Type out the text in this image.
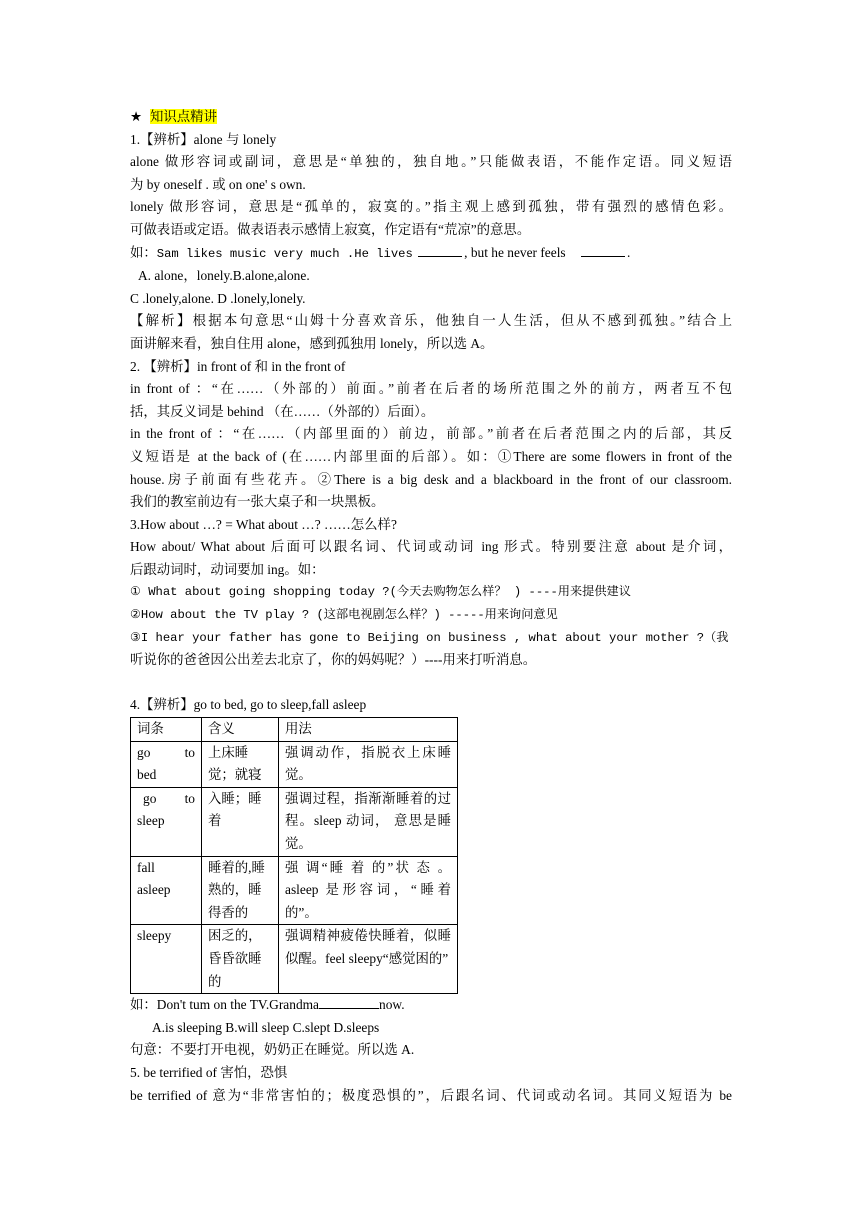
★ 知识点精讲
1.【辨析】alone 与 lonely
alone 做形容词或副词，意思是“单独的，独自地。”只能做表语，不能作定语。同义短语
为 by oneself . 或 on one' s own.
lonely 做形容词，意思是“孤单的，寂寞的。”指主观上感到孤独，带有强烈的感情色彩。
可做表语或定语。做表语表示感情上寂寞，作定语有“荒凉”的意思。
如：Sam likes music very much .He lives	, but he never feels	.
A. alone，lonely.B.alone,alone.
C .lonely,alone. D .lonely,lonely.
【解析】根据本句意思“山姆十分喜欢音乐，他独自一人生活，但从不感到孤独。”结合上
面讲解来看，独自住用 alone，感到孤独用 lonely，所以选 A。
2. 【辨析】in front of 和 in the front of
in front of ：“在……（外部的）前面。”前者在后者的场所范围之外的前方，两者互不包
括，其反义词是 behind （在……（外部的）后面）。
in the front of ：“在……（内部里面的）前边，前部。”前者在后者范围之内的后部，其反
义短语是 at the back of (在……内部里面的后部）。如：①There are some flowers in front of the
house.房子前面有些花卉。②There is a big desk and a blackboard in the front of our classroom.
我们的教室前边有一张大桌子和一块黑板。
3.How about …? = What about …? ……怎么样?
How about/ What about 后面可以跟名词、代词或动词 ing 形式。特别要注意 about 是介词，
后跟动词时，动词要加 ing。如：
① What about going shopping today ?(今天去购物怎么样？ ) ----用来提供建议
②How about the TV play ? (这部电视剧怎么样？) -----用来询问意见
③I hear your father has gone to Beijing on business , what about your mother ?（我
听说你的爸爸因公出差去北京了，你的妈妈呢？）----用来打听消息。
4.【辨析】go to bed, go to sleep,fall asleep
词条	含义	用法
go to
bed	上床睡觉；就寝	强调动作，指脱衣上床睡觉。
go to
sleep	入睡；睡着	强调过程，指渐渐睡着的过程。sleep 动词， 意思是睡觉。

fall
asleep	睡着的,睡熟的，睡得香的	强 调“睡 着 的”状 态 。asleep 是形容词，“睡着的”。

sleepy	困乏的，昏昏欲睡的	强调精神疲倦快睡着，似睡似醒。feel sleepy“感觉困的”
如：Don't tum on the TV.Grandma	now.
A.is sleeping B.will sleep C.slept D.sleeps
句意：不要打开电视，奶奶正在睡觉。所以选 A.
5. be terrified of 害怕，恐惧
be terrified of 意为“非常害怕的；极度恐惧的”，后跟名词、代词或动名词。其同义短语为 be
